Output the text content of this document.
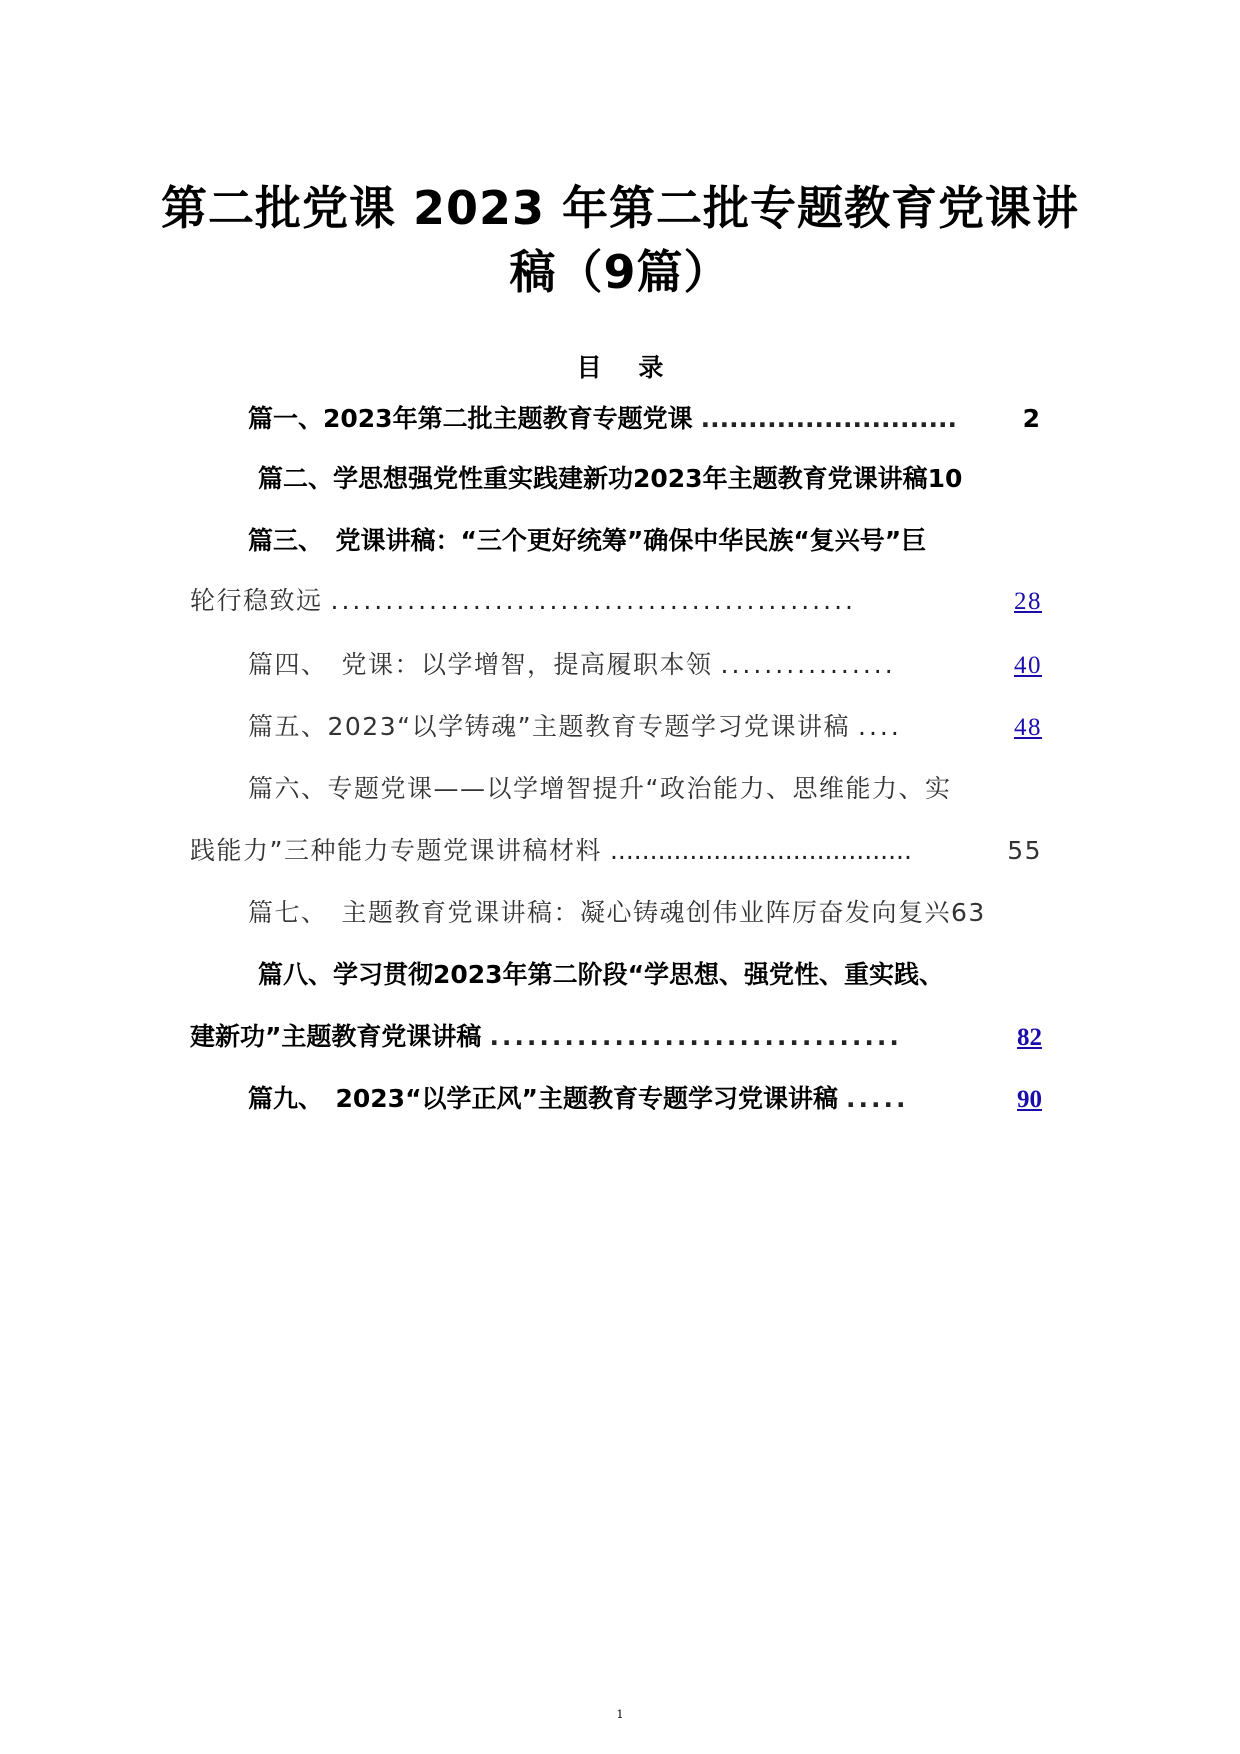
第二批党课 2023 年第二批专题教育党课讲
稿（9篇）
目 录
篇一、2023年第二批主题教育专题党课 ...........................	2
篇二、学思想强党性重实践建新功2023年主题教育党课讲稿10
篇三、　党课讲稿：“三个更好统筹”确保中华民族“复兴号”巨
轮行稳致远 ................................................	28
篇四、　党课：以学增智，提高履职本领 ................	40
篇五、2023“以学铸魂”主题教育专题学习党课讲稿 ....	48
篇六、专题党课——以学增智提升“政治能力、思维能力、实
践能力”三种能力专题党课讲稿材料 ......................................	55
篇七、　主题教育党课讲稿：凝心铸魂创伟业阵厉奋发向复兴63
篇八、学习贯彻2023年第二阶段“学思想、强党性、重实践、
建新功”主题教育党课讲稿 .................................	82
篇九、　2023“以学正风”主题教育专题学习党课讲稿 .....	90
1
